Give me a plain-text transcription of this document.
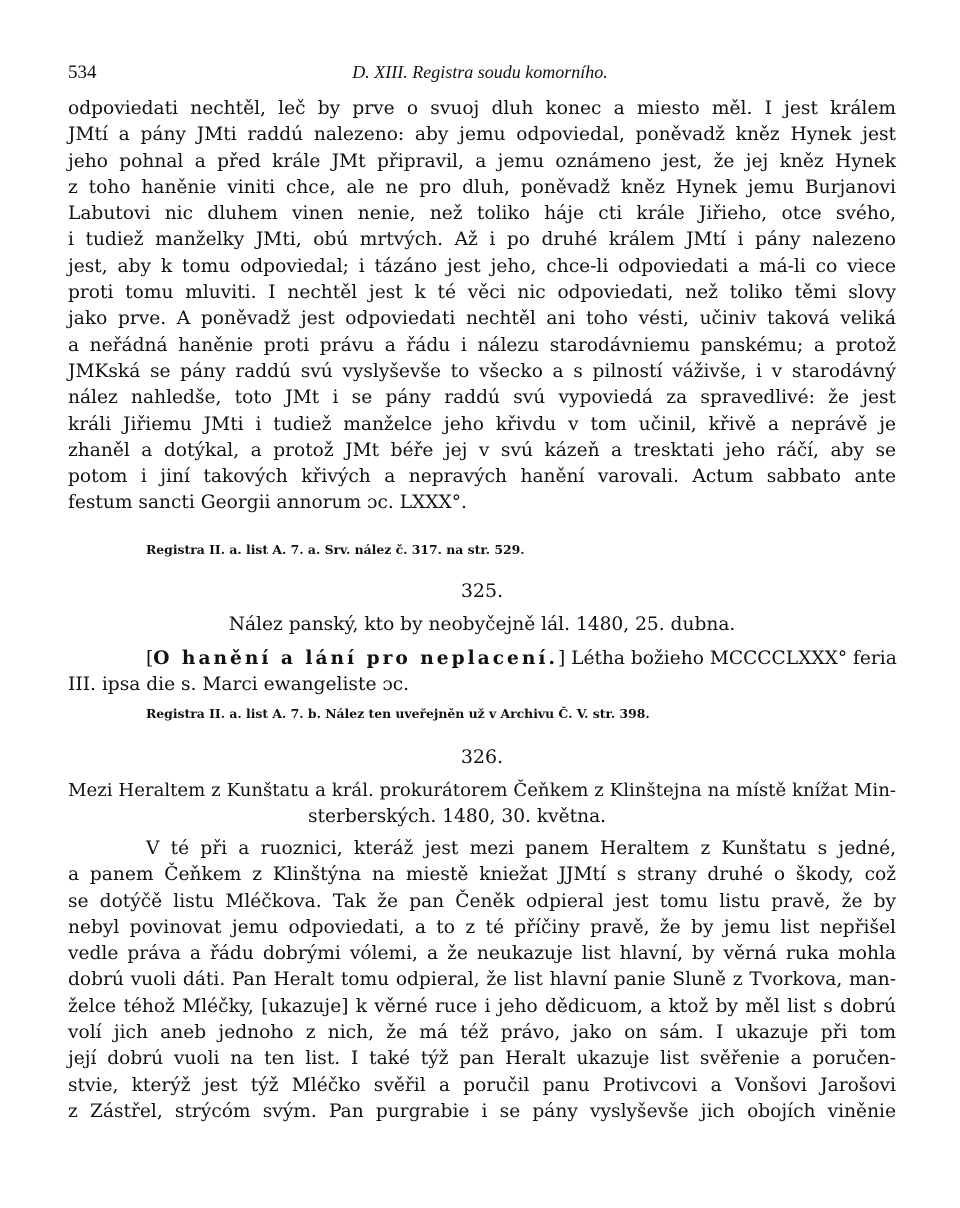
534	D. XIII. Registra soudu komorního.
odpoviedati nechtěl, leč by prve o svuoj dluh konec a miesto měl. I jest králem
JMtí a pány JMti raddú nalezeno: aby jemu odpoviedal, poněvadž kněz Hynek jest
jeho pohnal a před krále JMt připravil, a jemu oznámeno jest, že jej kněz Hynek
z toho haněnie viniti chce, ale ne pro dluh, poněvadž kněz Hynek jemu Burjanovi
Labutovi nic dluhem vinen nenie, než toliko háje cti krále Jiřieho, otce svého,
i tudiež manželky JMti, obú mrtvých. Až i po druhé králem JMtí i pány nalezeno
jest, aby k tomu odpoviedal; i tázáno jest jeho, chce-li odpoviedati a má-li co viece
proti tomu mluviti. I nechtěl jest k té věci nic odpoviedati, než toliko těmi slovy
jako prve. A poněvadž jest odpoviedati nechtěl ani toho vésti, učiniv taková veliká
a neřádná haněnie proti právu a řádu i nálezu starodávniemu panskému; a protož
JMKská se pány raddú svú vyslyševše to všecko a s pilností váživše, i v starodávný
nález nahledše, toto JMt i se pány raddú svú vypoviedá za spravedlivé: že jest
králi Jiřiemu JMti i tudiež manželce jeho křivdu v tom učinil, křivě a neprávě je
zhaněl a dotýkal, a protož JMt béře jej v svú kázeň a tresktati jeho ráčí, aby se
potom i jiní takových křivých a nepravých hanění varovali. Actum sabbato ante
festum sancti Georgii annorum ɔc. LXXX°.
Registra II. a. list A. 7. a. Srv. nález č. 317. na str. 529.
325.
Nález panský, kto by neobyčejně lál. 1480, 25. dubna.
[O hanění a lání pro neplacení.] Létha božieho MCCCCLXXX° feria
III. ipsa die s. Marci ewangeliste ɔc.
Registra II. a. list A. 7. b. Nález ten uveřejněn už v Archivu Č. V. str. 398.
326.
Mezi Heraltem z Kunštatu a král. prokurátorem Čeňkem z Klinštejna na místě knížat Min-
sterberských. 1480, 30. května.
V té při a ruoznici, kteráž jest mezi panem Heraltem z Kunštatu s jedné,
a panem Čeňkem z Klinštýna na miestě kniežat JJMtí s strany druhé o škody, což
se dotýčě listu Mléčkova. Tak že pan Čeněk odpieral jest tomu listu pravě, že by
nebyl povinovat jemu odpoviedati, a to z té příčiny pravě, že by jemu list nepřišel
vedle práva a řádu dobrými vólemi, a že neukazuje list hlavní, by věrná ruka mohla
dobrú vuoli dáti. Pan Heralt tomu odpieral, že list hlavní panie Sluně z Tvorkova, man-
želce téhož Mléčky, [ukazuje] k věrné ruce i jeho dědicuom, a ktož by měl list s dobrú
volí jich aneb jednoho z nich, že má též právo, jako on sám. I ukazuje při tom
její dobrú vuoli na ten list. I také týž pan Heralt ukazuje list svěřenie a poručen-
stvie, kterýž jest týž Mléčko svěřil a poručil panu Protivcovi a Vonšovi Jarošovi
z Zástřel, strýcóm svým. Pan purgrabie i se pány vyslyševše jich obojích viněnie
